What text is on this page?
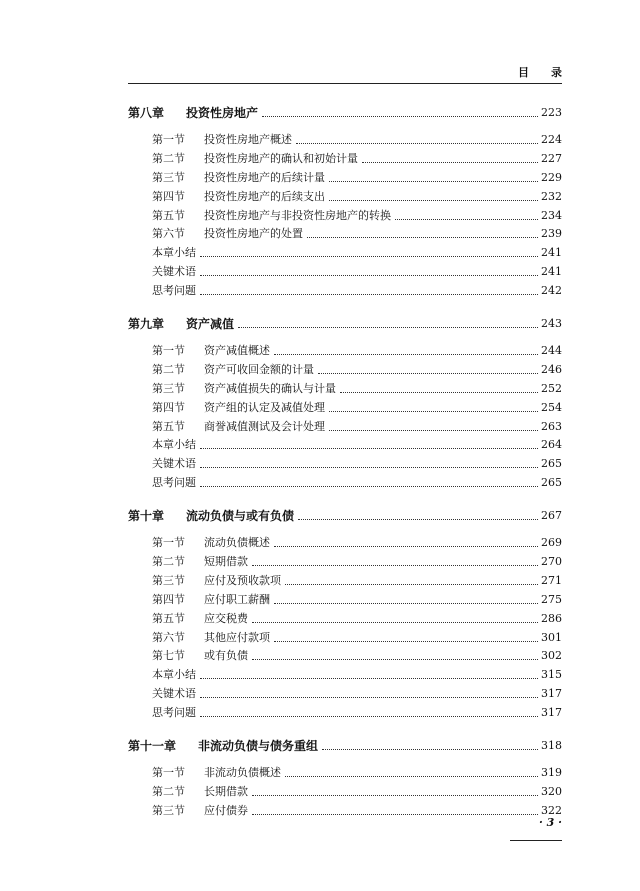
目录
第八章	投资性房地产	223
第一节	投资性房地产概述	224
第二节	投资性房地产的确认和初始计量	227
第三节	投资性房地产的后续计量	229
第四节	投资性房地产的后续支出	232
第五节	投资性房地产与非投资性房地产的转换	234
第六节	投资性房地产的处置	239
本章小结	241
关键术语	241
思考问题	242
第九章	资产减值	243
第一节	资产减值概述	244
第二节	资产可收回金额的计量	246
第三节	资产减值损失的确认与计量	252
第四节	资产组的认定及减值处理	254
第五节	商誉减值测试及会计处理	263
本章小结	264
关键术语	265
思考问题	265
第十章	流动负债与或有负债	267
第一节	流动负债概述	269
第二节	短期借款	270
第三节	应付及预收款项	271
第四节	应付职工薪酬	275
第五节	应交税费	286
第六节	其他应付款项	301
第七节	或有负债	302
本章小结	315
关键术语	317
思考问题	317
第十一章	非流动负债与债务重组	318
第一节	非流动负债概述	319
第二节	长期借款	320
第三节	应付债券	322
· 3 ·
